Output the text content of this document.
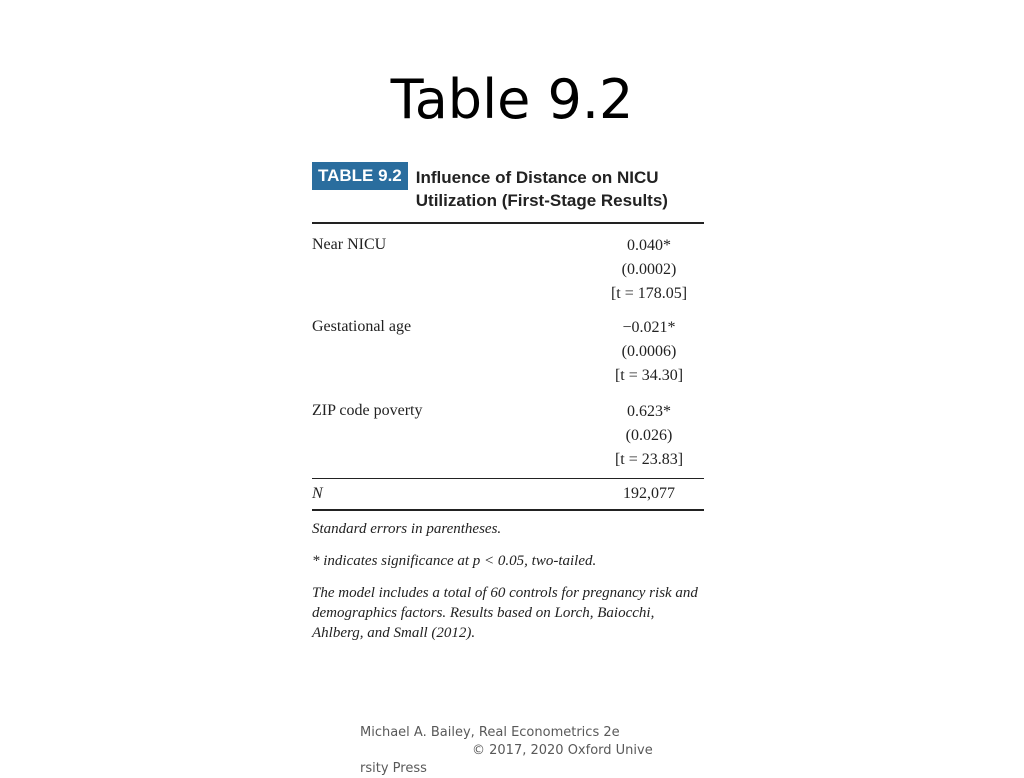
Table 9.2
TABLE 9.2 Influence of Distance on NICU
Utilization (First-Stage Results)
Near NICU	0.040*
(0.0002)
[t = 178.05]
Gestational age	−0.021*
(0.0006)
[t = 34.30]
ZIP code poverty	0.623*
(0.026)
[t = 23.83]
N	192,077

Standard errors in parentheses.

* indicates significance at p < 0.05, two-tailed.

The model includes a total of 60 controls for pregnancy risk and demographics factors. Results based on Lorch, Baiocchi, Ahlberg, and Small (2012).

Michael A. Bailey, Real Econometrics 2e
© 2017, 2020 Oxford Unive
rsity Press
